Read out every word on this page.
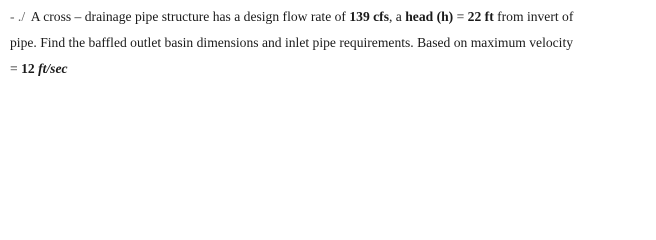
- ./ A cross – drainage pipe structure has a design flow rate of 139 cfs, a head (h) = 22 ft from invert of
pipe. Find the baffled outlet basin dimensions and inlet pipe requirements. Based on maximum velocity
= 12 ft/sec
